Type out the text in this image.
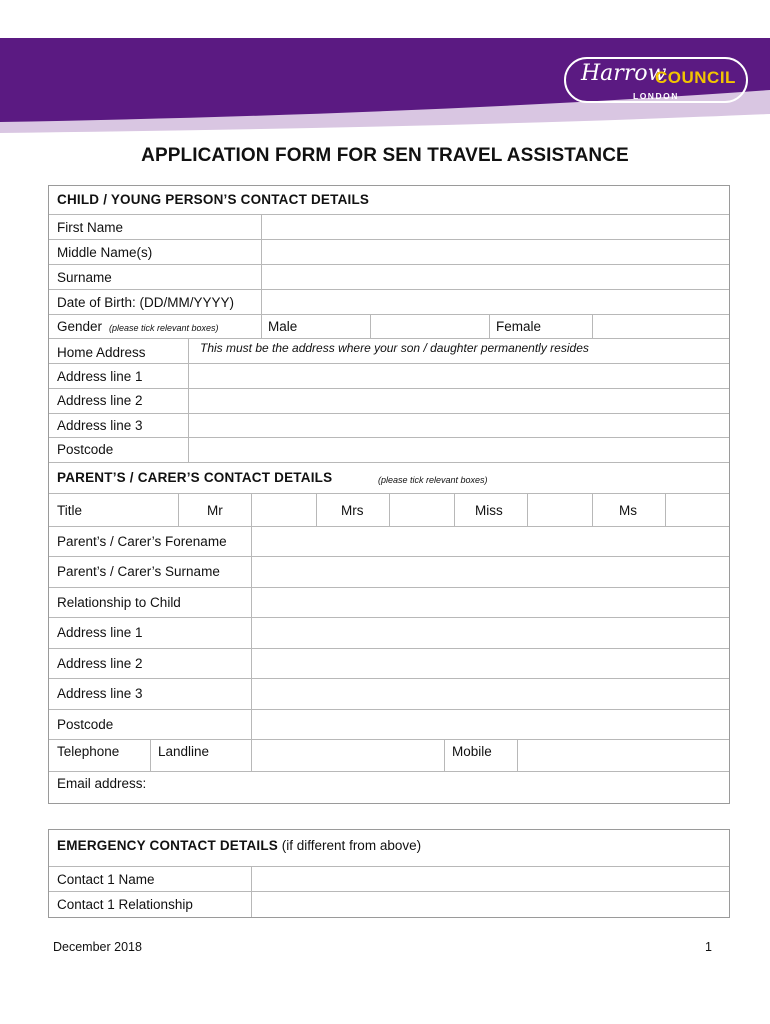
Harrow
COUNCIL
LONDON
APPLICATION FORM FOR SEN TRAVEL ASSISTANCE
CHILD / YOUNG PERSON’S CONTACT DETAILS
First Name
Middle Name(s)
Surname
Date of Birth: (DD/MM/YYYY)
Gender (please tick relevant boxes)	Male	Female
Home Address	This must be the address where your son / daughter permanently resides
Address line 1
Address line 2
Address line 3
Postcode
PARENT’S / CARER’S CONTACT DETAILS	(please tick relevant boxes)
Title	Mr	Mrs	Miss	Ms
Parent’s / Carer’s Forename
Parent’s / Carer’s Surname
Relationship to Child
Address line 1
Address line 2
Address line 3
Postcode
Telephone	Landline	Mobile
Email address:
EMERGENCY CONTACT DETAILS (if different from above)
Contact 1 Name
Contact 1 Relationship
December 2018	1
